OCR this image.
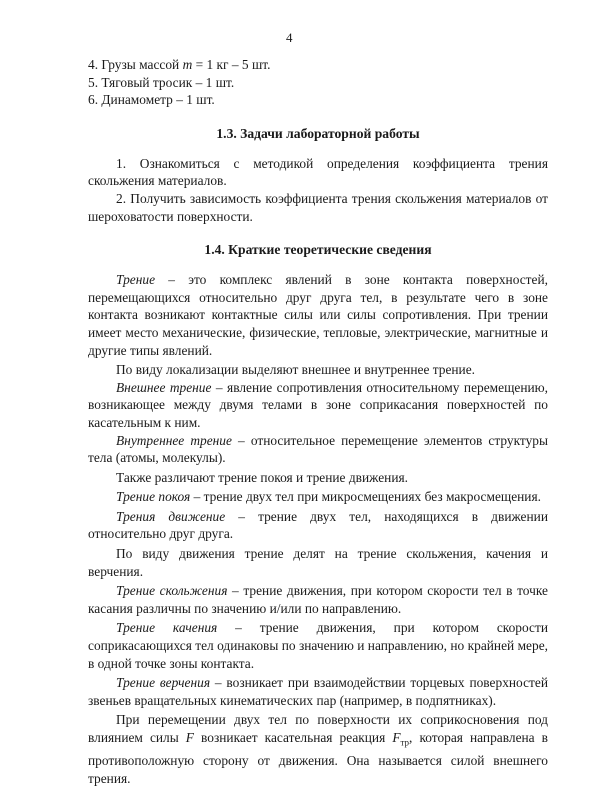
4
4. Грузы массой m = 1 кг – 5 шт.
5. Тяговый тросик – 1 шт.
6. Динамометр – 1 шт.
1.3. Задачи лабораторной работы

1. Ознакомиться с методикой определения коэффициента трения скольжения материалов.

2. Получить зависимость коэффициента трения скольжения материалов от шероховатости поверхности.

1.4. Краткие теоретические сведения

Трение – это комплекс явлений в зоне контакта поверхностей, перемещающихся относительно друг друга тел, в результате чего в зоне контакта возникают контактные силы или силы сопротивления. При трении имеет место механические, физические, тепловые, электрические, магнитные и другие типы явлений.

По виду локализации выделяют внешнее и внутреннее трение.

Внешнее трение – явление сопротивления относительному перемещению, возникающее между двумя телами в зоне соприкасания поверхностей по касательным к ним.

Внутреннее трение – относительное перемещение элементов структуры тела (атомы, молекулы).

Также различают трение покоя и трение движения.

Трение покоя – трение двух тел при микросмещениях без макросмещения.

Трения движение – трение двух тел, находящихся в движении относительно друг друга.

По виду движения трение делят на трение скольжения, качения и верчения.

Трение скольжения – трение движения, при котором скорости тел в точке касания различны по значению и/или по направлению.

Трение качения – трение движения, при котором скорости соприкасающихся тел одинаковы по значению и направлению, но крайней мере, в одной точке зоны контакта.

Трение верчения – возникает при взаимодействии торцевых поверхностей звеньев вращательных кинематических пар (например, в подпятниках).

При перемещении двух тел по поверхности их соприкосновения под влиянием силы F возникает касательная реакция $F_{тр}$, которая направлена в противоположную сторону от движения. Она называется силой внешнего трения.
